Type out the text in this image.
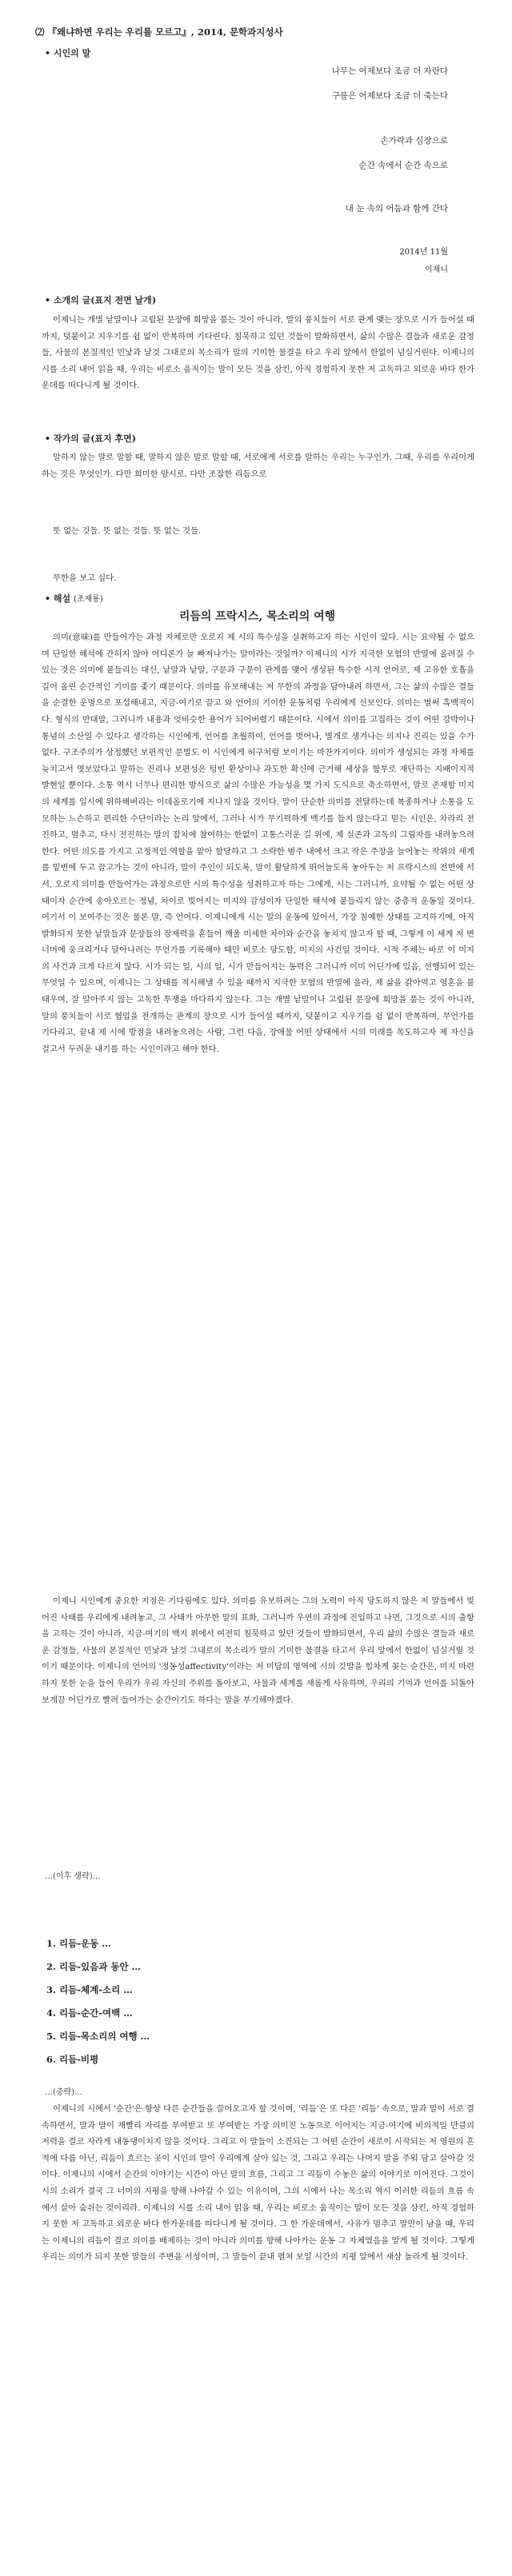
⑵ 『왜냐하면 우리는 우리를 모르고』, 2014, 문학과지성사
• 시인의 말
나무는 어제보다 조금 더 자란다
구름은 어제보다 조금 더 죽는다
손가락과 심장으로
순간 속에서 순간 속으로
내 눈 속의 어둠과 함께 간다
2014년 11월
이제니
• 소개의 글(표지 전면 날개)

이제니는 개별 낱말이나 고립된 문장에 희망을 품는 것이 아니라, 말의 풍치들이 서로 관계 맺는 장으로 시가 들어설 때까지, 덧붙이고 지우기를 쉼 없이 반복하며 기다린다. 침묵하고 있던 것들이 발화하면서, 삶의 수많은 결들과 새로운 감정들, 사물의 본질적인 민낯과 날것 그대로의 목소리가 말의 기미한 물결을 타고 우리 앞에서 한없이 넘실거린다. 이제니의 시를 소리 내어 읽을 때, 우리는 비로소 움직이는 말이 모든 것을 삼킨, 아직 경험하지 못한 저 고독하고 외로운 바다 한가운데를 떠다니게 될 것이다.

• 작가의 글(표지 후면)

말하지 않는 말로 말할 때, 말하지 않은 말로 말할 때, 서로에게 서로를 말하는 우리는 누구인가. 그때, 우리를 우리이게 하는 것은 무엇인가. 다만 희미한 암시로. 다만 조잡한 리듬으로

뜻 없는 것들. 뜻 없는 것들. 뜻 없는 것들.

무한을 보고 싶다.

• 해설 (조재룡)
리듬의 프락시스, 목소리의 여행

의미(意味)를 만들어가는 과정 자체로만 오로지 제 시의 특수성을 실취하고자 하는 시인이 있다. 시는 요약될 수 없으며 단일한 해석에 간히지 않아 어디론가 늘 빠져나가는 말이라는 것일까? 이제니의 시가 지극한 모험의 반열에 올려질 수 있는 것은 의미에 붙들리는 대신, 낱말과 낱말, 구문과 구문이 관계를 맺어 생성된 특수한 시적 언어로, 제 고유한 호흡을 길어 올린 순간적인 기미를 좇기 때문이다. 의미를 유보해내는 저 무한의 과정을 담아내려 하면서, 그는 삶의 수많은 결들을 순결한 운명으로 포섭해내고, 지금-여기로 끌고 와 언어의 기이한 운동처럼 우리에게 선보인다. 의미는 벌써 흑백적이다. 형식의 반대말, 그러니까 내용과 엇비슷한 용어가 되어버렸기 때문이다. 시에서 의미를 고집하는 것이 어떤 강박이나 통념의 소산일 수 있다고 생각하는 시인에게, 언어를 초월하여, 언어를 벗어나, 별개로 생겨나는 의지나 진리는 있을 수가 없다. 구조주의가 상정했던 보편적인 문법도 이 시인에게 허구처럼 보이기는 마찬가지이다. 의미가 생성되는 과정 자체를 늦치고서 엿보았다고 말하는 진리나 보편성은 텅빈 환상이나 과도한 확신에 근거해 세상을 함부로 재단하는 지배이지적 발현일 뿐이다. 소통 역시 너무나 편리한 방식으로 삶의 수많은 가능성을 몇 가지 도식으로 축소하면서, 말로 존재할 미지의 세계를 일시에 위하해버리는 이데올로기에 지나지 않을 것이다. 말이 단순한 의미를 전달하는데 복종하거나 소통을 도모하는 느슨하고 편리한 수단이라는 논리 앞에서, 그러나 시가 무기력하게 백기를 들지 않는다고 믿는 시인은, 차라리 전진하고, 멈추고, 다시 전진하는 말의 잡치에 참여하는 한없이 고통스러운 길 위에, 제 실존과 고독의 그림자를 내려놓으려 한다. 어떤 의도를 가지고 고정적인 역할을 맡아 할당하고 그 소략한 범주 내에서 크고 작은 주장을 늘어놓는 작위의 세계를 밑변에 두고 끌고가는 것이 아니라, 말이 주인이 되도록, 말이 활달하게 뛰어놀도록 놓아두는 저 프락시스의 전면에 서서, 오로지 의미를 만들어가는 과정으로만 시의 특수성을 성취하고자 하는 그에게, 시는 그러니까, 요약될 수 없는 어떤 상태이자 순간에 송아오르는 정념, 차이로 빚어지는 미지의 감성이자 단일한 해석에 붙들리지 않는 중층적 운동일 것이다. 여기서 이 보여주는 것은 물론 말, 즉 언어다. 이제니에게 시는 말의 운동에 있어서, 가장 침예한 상태를 고지하기에, 아직 발화되지 못한 낱말들과 문장들의 잠재력을 흔들어 깨울 미세한 차이와 순간을 놓치지 않고자 할 때, 그렇게 이 세계 저 변 너머에 웅크리거나 달아나려는 무언가를 기록해야 때만 비로소 당도할, 미지의 사건일 것이다. 시적 주체는 바로 이 미지의 사건과 크게 다르지 않다. 시가 되는 일, 시의 일, 시가 만들어지는 동력은 그러니까 이미 어딘가에 있음, 선행되어 있는 무엇일 수 있으며, 이제니는 그 상태를 적시해낼 수 있을 때까지 지극한 모험의 반열에 올라, 제 삶을 갉아먹고 영혼을 불태우며, 잘 알아주지 않는 고독한 투쟁을 마다하지 않는다. 그는 개별 낱말이나 고립된 문장에 희망을 품는 것이 아니라, 말의 풍치들이 서로 협업을 전개하는 관계의 장으로 시가 들어설 때까지, 덧붙이고 지우기를 쉼 없이 반복하며, 무언가를 기다리고, 끝내 제 시에 방점을 내려놓으려는 사람, 그런 다음, 장애물 어떤 상태에서 시의 미래를 목도하고자 제 자신을 걸고서 두려운 내기를 하는 시인이라고 해야 한다.

이제니 시인에게 중요한 지점은 기다림에도 있다. 의미를 유보하려는 그의 노력이 아직 당도하지 않은 저 말들에서 빚어진 사태를 우리에게 내려놓고, 그 사태가 아무한 말의 표화, 그러니까 우연의 과정에 진입하고 나면, 그것으로 시의 출항을 고하는 것이 아니라, 지금-여기의 백지 위에서 여전히 침묵하고 있던 것들이 발화되면서, 우리 삶의 수많은 결들과 새로운 감정들, 사물의 본질적인 민낯과 날것 그대로의 목소리가 말의 기미한 물결을 타고서 우리 앞에서 한없이 넘실거릴 것이기 때문이다. 이제니의 언어의 '정동성affectivity'이라는 저 미답의 영역에 시의 깃발을 힘차게 꽂는 순간은, 미지 마련하지 못한 눈을 들어 우리가 우리 자신의 주위를 돌아보고, 사물과 세계를 새롭게 사유하며, 우리의 기억과 언어를 되돌아보게끔 어딘가로 빨려 들어가는 순간이기도 하다는 말을 부기해야겠다.

…(이후 생략)…
1. 리듬-운동 …
2. 리듬-있음과 동안 …
3. 리듬-체계-소리 …
4. 리듬-순간-여백 …
5. 리듬-목소리의 여행 …
6. 리듬-비평
…(중략)…

이제니의 시에서 '순간'은 항상 다른 순간들을 끌어오고자 할 것이며, '리듬'은 또 다른 '리듬' 속으로, 말과 말이 서로 결속하면서, 말과 말이 재빨리 자리를 부여받고 또 부여받는 가장 의미진 노동으로 이어지는 지금-여기에 비의적일 만큼의 저력을 결코 자라게 내동댕이치지 않을 것이다. 그리고 이 말들이 소진되는 그 어떤 순간이 새로이 시작되는 저 영원의 흔적에 다름 아닌, 리듬이 흐르는 곳이 시인의 말이 우리에게 살아 있는 것, 그리고 우리는 나머지 말을 주워 담고 살아갈 것이다. 이제니의 시에서 순간의 이야기는 시간이 아닌 말의 흐름, 그리고 그 리듬이 수놓은 삶의 이야기로 이어진다. 그것이 시의 소리가 결국 그 너머의 지평을 향해 나아갈 수 있는 이유이며, 그의 시에서 나는 목소리 역시 이러한 리듬의 흐름 속에서 살아 숨쉬는 것이리라. 이제니의 시를 소리 내어 읽을 때, 우리는 비로소 움직이는 말이 모든 것을 삼킨, 아직 경험하지 못한 저 고독하고 외로운 바다 한가운데를 떠다니게 될 것이다. 그 한 가운데에서, 사유가 멈추고 말만이 남을 때, 우리는 이제니의 리듬이 결코 의미를 배제하는 것이 아니라 의미를 향해 나아가는 운동 그 자체였음을 알게 될 것이다. 그렇게 우리는 의미가 되지 못한 말들의 주변을 서성이며, 그 말들이 끝내 펼쳐 보일 시간의 지평 앞에서 새삼 놀라게 될 것이다.
